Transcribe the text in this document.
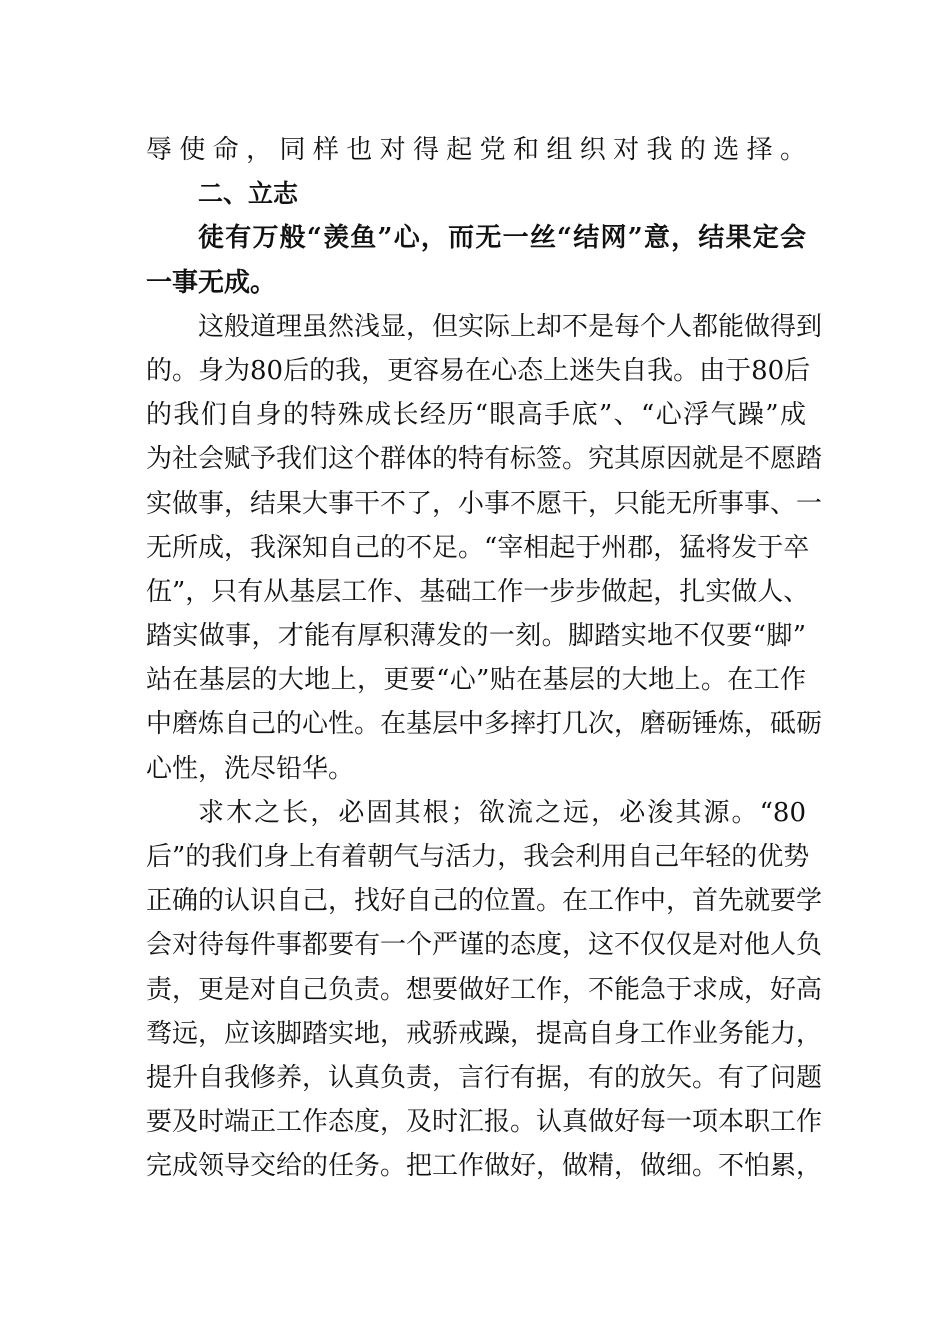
辱使命，同样也对得起党和组织对我的选择。
二、立志
徒有万般“羡鱼”心，而无一丝“结网”意，结果定会
一事无成。
这般道理虽然浅显，但实际上却不是每个人都能做得到
的。身为80后的我，更容易在心态上迷失自我。由于80后
的我们自身的特殊成长经历“眼高手底”、“心浮气躁”成
为社会赋予我们这个群体的特有标签。究其原因就是不愿踏
实做事，结果大事干不了，小事不愿干，只能无所事事、一
无所成，我深知自己的不足。“宰相起于州郡，猛将发于卒
伍”，只有从基层工作、基础工作一步步做起，扎实做人、
踏实做事，才能有厚积薄发的一刻。脚踏实地不仅要“脚”
站在基层的大地上，更要“心”贴在基层的大地上。在工作
中磨炼自己的心性。在基层中多摔打几次，磨砺锤炼，砥砺
心性，洗尽铅华。
求木之长，必固其根；欲流之远，必浚其源。“80
后”的我们身上有着朝气与活力，我会利用自己年轻的优势
正确的认识自己，找好自己的位置。在工作中，首先就要学
会对待每件事都要有一个严谨的态度，这不仅仅是对他人负
责，更是对自己负责。想要做好工作，不能急于求成，好高
骛远，应该脚踏实地，戒骄戒躁，提高自身工作业务能力，
提升自我修养，认真负责，言行有据，有的放矢。有了问题
要及时端正工作态度，及时汇报。认真做好每一项本职工作
完成领导交给的任务。把工作做好，做精，做细。不怕累，
